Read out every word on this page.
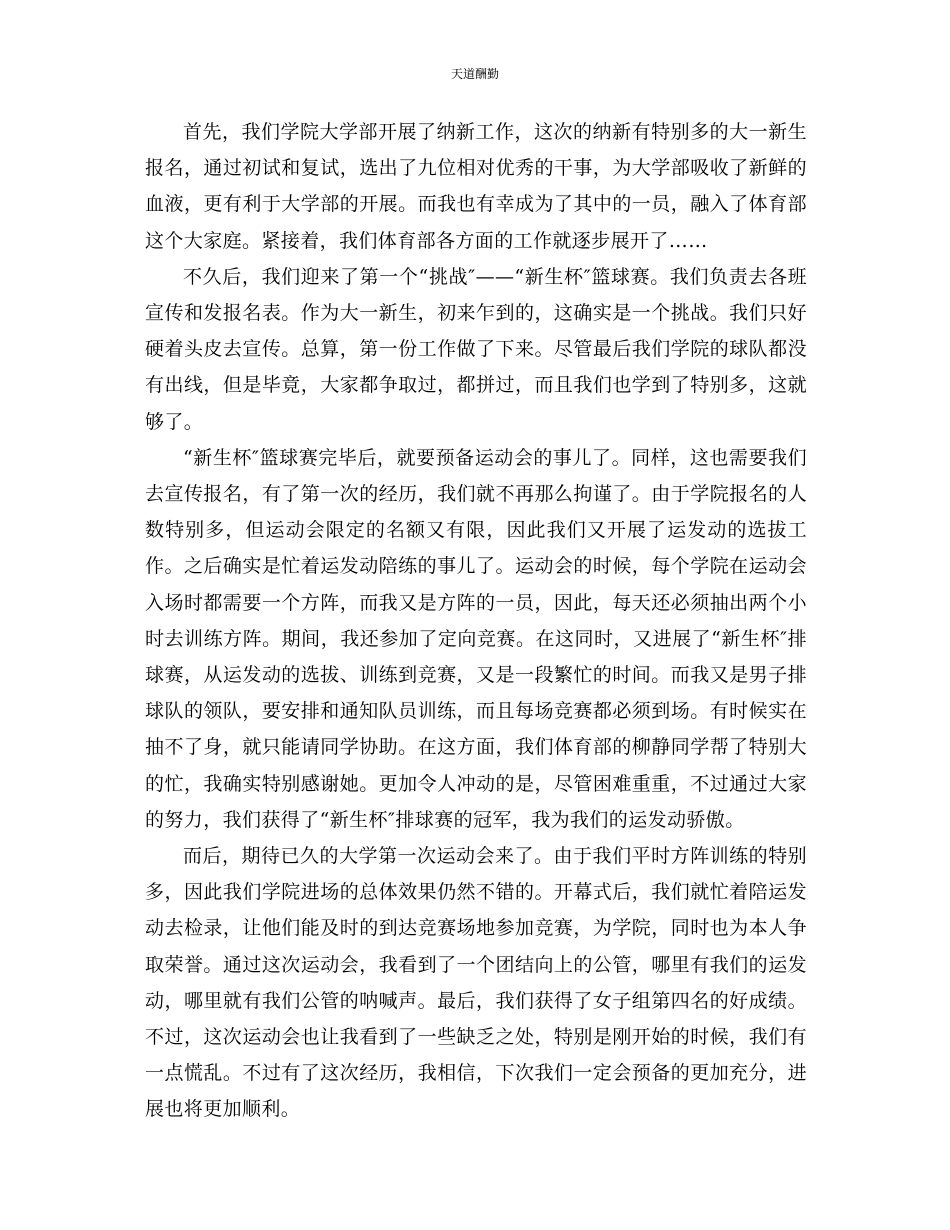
天道酬勤

首先，我们学院大学部开展了纳新工作，这次的纳新有特别多的大一新生报名，通过初试和复试，选出了九位相对优秀的干事，为大学部吸收了新鲜的血液，更有利于大学部的开展。而我也有幸成为了其中的一员，融入了体育部这个大家庭。紧接着，我们体育部各方面的工作就逐步展开了……

不久后，我们迎来了第一个“挑战″——“新生杯″篮球赛。我们负责去各班宣传和发报名表。作为大一新生，初来乍到的，这确实是一个挑战。我们只好硬着头皮去宣传。总算，第一份工作做了下来。尽管最后我们学院的球队都没有出线，但是毕竟，大家都争取过，都拼过，而且我们也学到了特别多，这就够了。

“新生杯″篮球赛完毕后，就要预备运动会的事儿了。同样，这也需要我们去宣传报名，有了第一次的经历，我们就不再那么拘谨了。由于学院报名的人数特别多，但运动会限定的名额又有限，因此我们又开展了运发动的选拔工作。之后确实是忙着运发动陪练的事儿了。运动会的时候，每个学院在运动会入场时都需要一个方阵，而我又是方阵的一员，因此，每天还必须抽出两个小时去训练方阵。期间，我还参加了定向竞赛。在这同时，又进展了“新生杯″排球赛，从运发动的选拔、训练到竞赛，又是一段繁忙的时间。而我又是男子排球队的领队，要安排和通知队员训练，而且每场竞赛都必须到场。有时候实在抽不了身，就只能请同学协助。在这方面，我们体育部的柳静同学帮了特别大的忙，我确实特别感谢她。更加令人冲动的是，尽管困难重重，不过通过大家的努力，我们获得了“新生杯″排球赛的冠军，我为我们的运发动骄傲。

而后，期待已久的大学第一次运动会来了。由于我们平时方阵训练的特别多，因此我们学院进场的总体效果仍然不错的。开幕式后，我们就忙着陪运发动去检录，让他们能及时的到达竞赛场地参加竞赛，为学院，同时也为本人争取荣誉。通过这次运动会，我看到了一个团结向上的公管，哪里有我们的运发动，哪里就有我们公管的呐喊声。最后，我们获得了女子组第四名的好成绩。不过，这次运动会也让我看到了一些缺乏之处，特别是刚开始的时候，我们有一点慌乱。不过有了这次经历，我相信，下次我们一定会预备的更加充分，进展也将更加顺利。
